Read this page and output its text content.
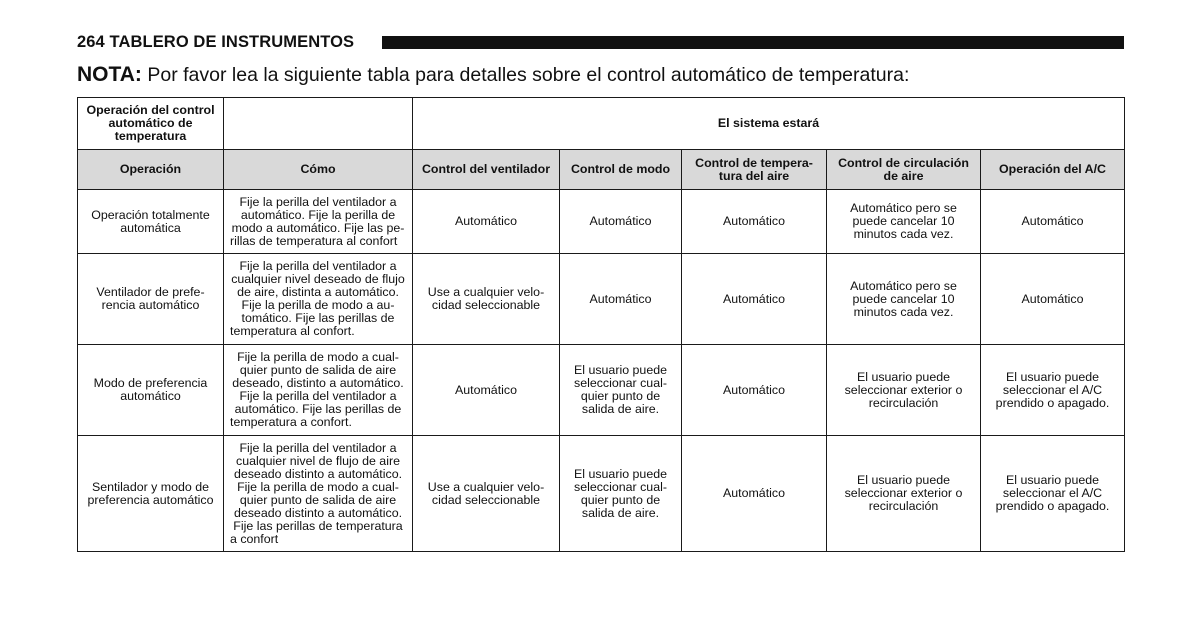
264 TABLERO DE INSTRUMENTOS
NOTA: Por favor lea la siguiente tabla para detalles sobre el control automático de temperatura:
Operación del control automático de temperatura		El sistema estará				
Operación	Cómo	Control del ventilador	Control de modo	Control de tempera-tura del aire	Control de circulación de aire	Operación del A/C
Operación totalmente automática	Fije la perilla del ventilador a automático. Fije la perilla de modo a automático. Fije las pe-rillas de temperatura al confort	Automático	Automático	Automático	Automático pero se puede cancelar 10 minutos cada vez.	Automático
Ventilador de prefe-rencia automático	Fije la perilla del ventilador a cualquier nivel deseado de flujo de aire, distinta a automático. Fije la perilla de modo a au-tomático. Fije las perillas de temperatura al confort.	Use a cualquier velo-cidad seleccionable	Automático	Automático	Automático pero se puede cancelar 10 minutos cada vez.	Automático
Modo de preferencia automático	Fije la perilla de modo a cual-quier punto de salida de aire deseado, distinto a automático. Fije la perilla del ventilador a automático. Fije las perillas de temperatura a confort.	Automático	El usuario puede seleccionar cual-quier punto de salida de aire.	Automático	El usuario puede seleccionar exterior o recirculación	El usuario puede seleccionar el A/C prendido o apagado.
Sentilador y modo de preferencia automático	Fije la perilla del ventilador a cualquier nivel de flujo de aire deseado distinto a automático. Fije la perilla de modo a cual-quier punto de salida de aire deseado distinto a automático. Fije las perillas de temperatura a confort	Use a cualquier velo-cidad seleccionable	El usuario puede seleccionar cual-quier punto de salida de aire.	Automático	El usuario puede seleccionar exterior o recirculación	El usuario puede seleccionar el A/C prendido o apagado.
